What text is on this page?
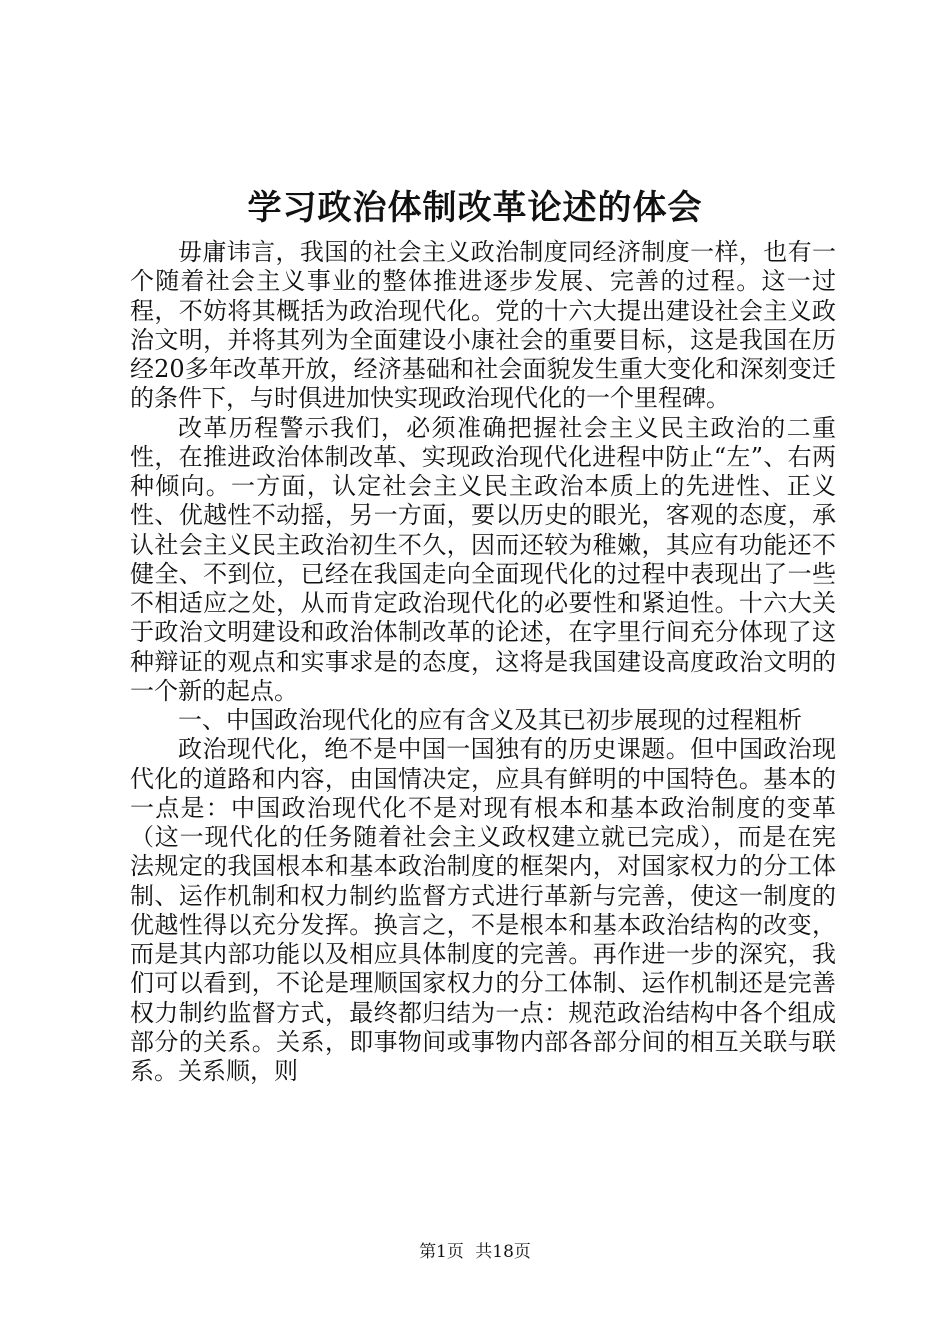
学习政治体制改革论述的体会

毋庸讳言，我国的社会主义政治制度同经济制度一样，也有一个随着社会主义事业的整体推进逐步发展、完善的过程。这一过程，不妨将其概括为政治现代化。党的十六大提出建设社会主义政治文明，并将其列为全面建设小康社会的重要目标，这是我国在历经20多年改革开放，经济基础和社会面貌发生重大变化和深刻变迁的条件下，与时俱进加快实现政治现代化的一个里程碑。

改革历程警示我们，必须准确把握社会主义民主政治的二重性，在推进政治体制改革、实现政治现代化进程中防止“左”、右两种倾向。一方面，认定社会主义民主政治本质上的先进性、正义性、优越性不动摇，另一方面，要以历史的眼光，客观的态度，承认社会主义民主政治初生不久，因而还较为稚嫩，其应有功能还不健全、不到位，已经在我国走向全面现代化的过程中表现出了一些不相适应之处，从而肯定政治现代化的必要性和紧迫性。十六大关于政治文明建设和政治体制改革的论述，在字里行间充分体现了这种辩证的观点和实事求是的态度，这将是我国建设高度政治文明的一个新的起点。

一、中国政治现代化的应有含义及其已初步展现的过程粗析

政治现代化，绝不是中国一国独有的历史课题。但中国政治现代化的道路和内容，由国情决定，应具有鲜明的中国特色。基本的一点是：中国政治现代化不是对现有根本和基本政治制度的变革（这一现代化的任务随着社会主义政权建立就已完成），而是在宪法规定的我国根本和基本政治制度的框架内，对国家权力的分工体制、运作机制和权力制约监督方式进行革新与完善，使这一制度的优越性得以充分发挥。换言之，不是根本和基本政治结构的改变，而是其内部功能以及相应具体制度的完善。再作进一步的深究，我们可以看到，不论是理顺国家权力的分工体制、运作机制还是完善权力制约监督方式，最终都归结为一点：规范政治结构中各个组成部分的关系。关系，即事物间或事物内部各部分间的相互关联与联系。关系顺，则

第1页 共18页
